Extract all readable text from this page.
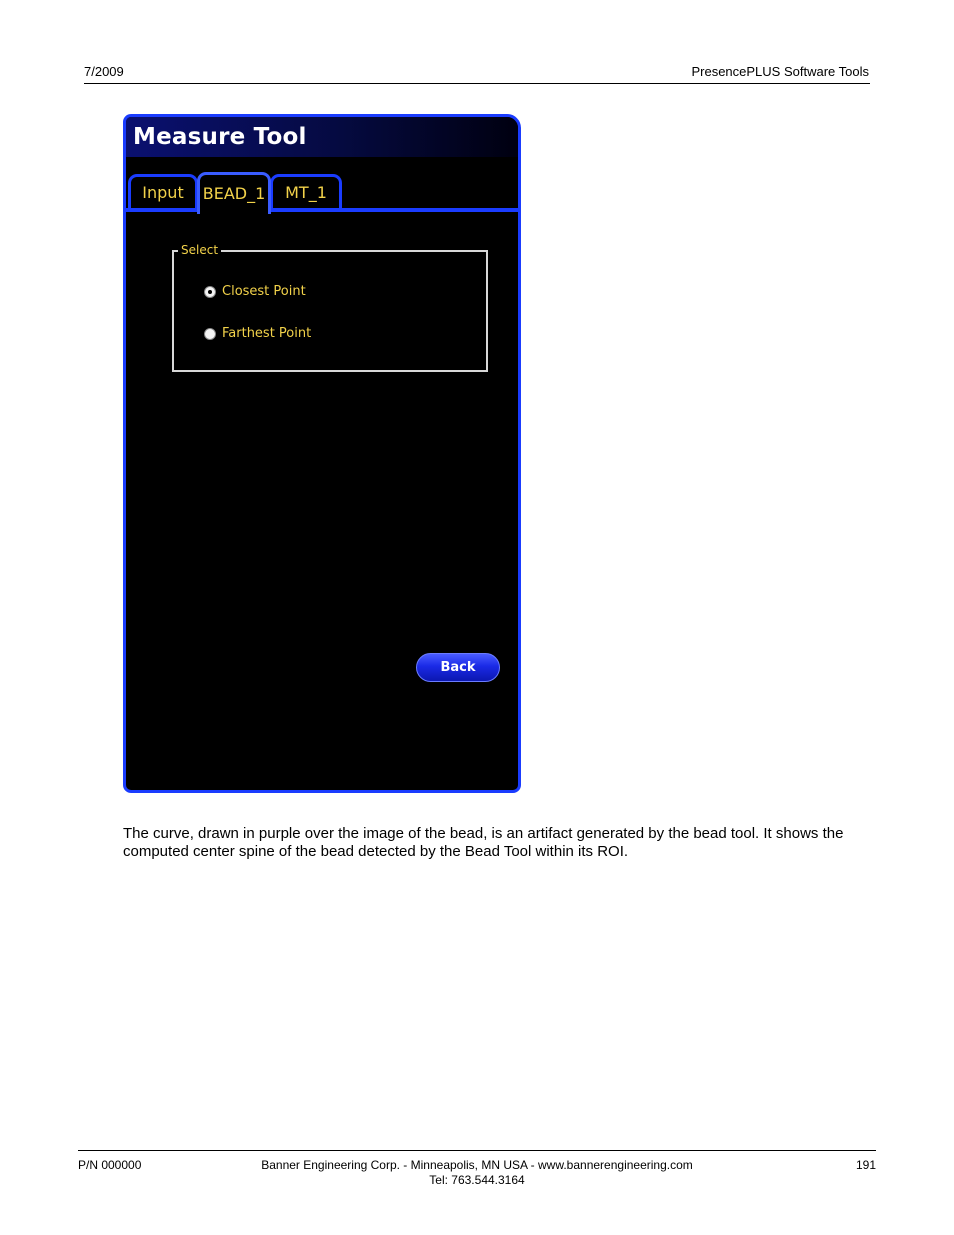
7/2009	PresencePLUS Software Tools
Measure Tool
Input	BEAD_1	MT_1
Select
Closest Point
Farthest Point
Back
The curve, drawn in purple over the image of the bead, is an artifact generated by the bead tool. It shows the computed center spine of the bead detected by the Bead Tool within its ROI.
P/N 000000	Banner Engineering Corp. - Minneapolis, MN USA - www.bannerengineering.com
Tel: 763.544.3164
191
